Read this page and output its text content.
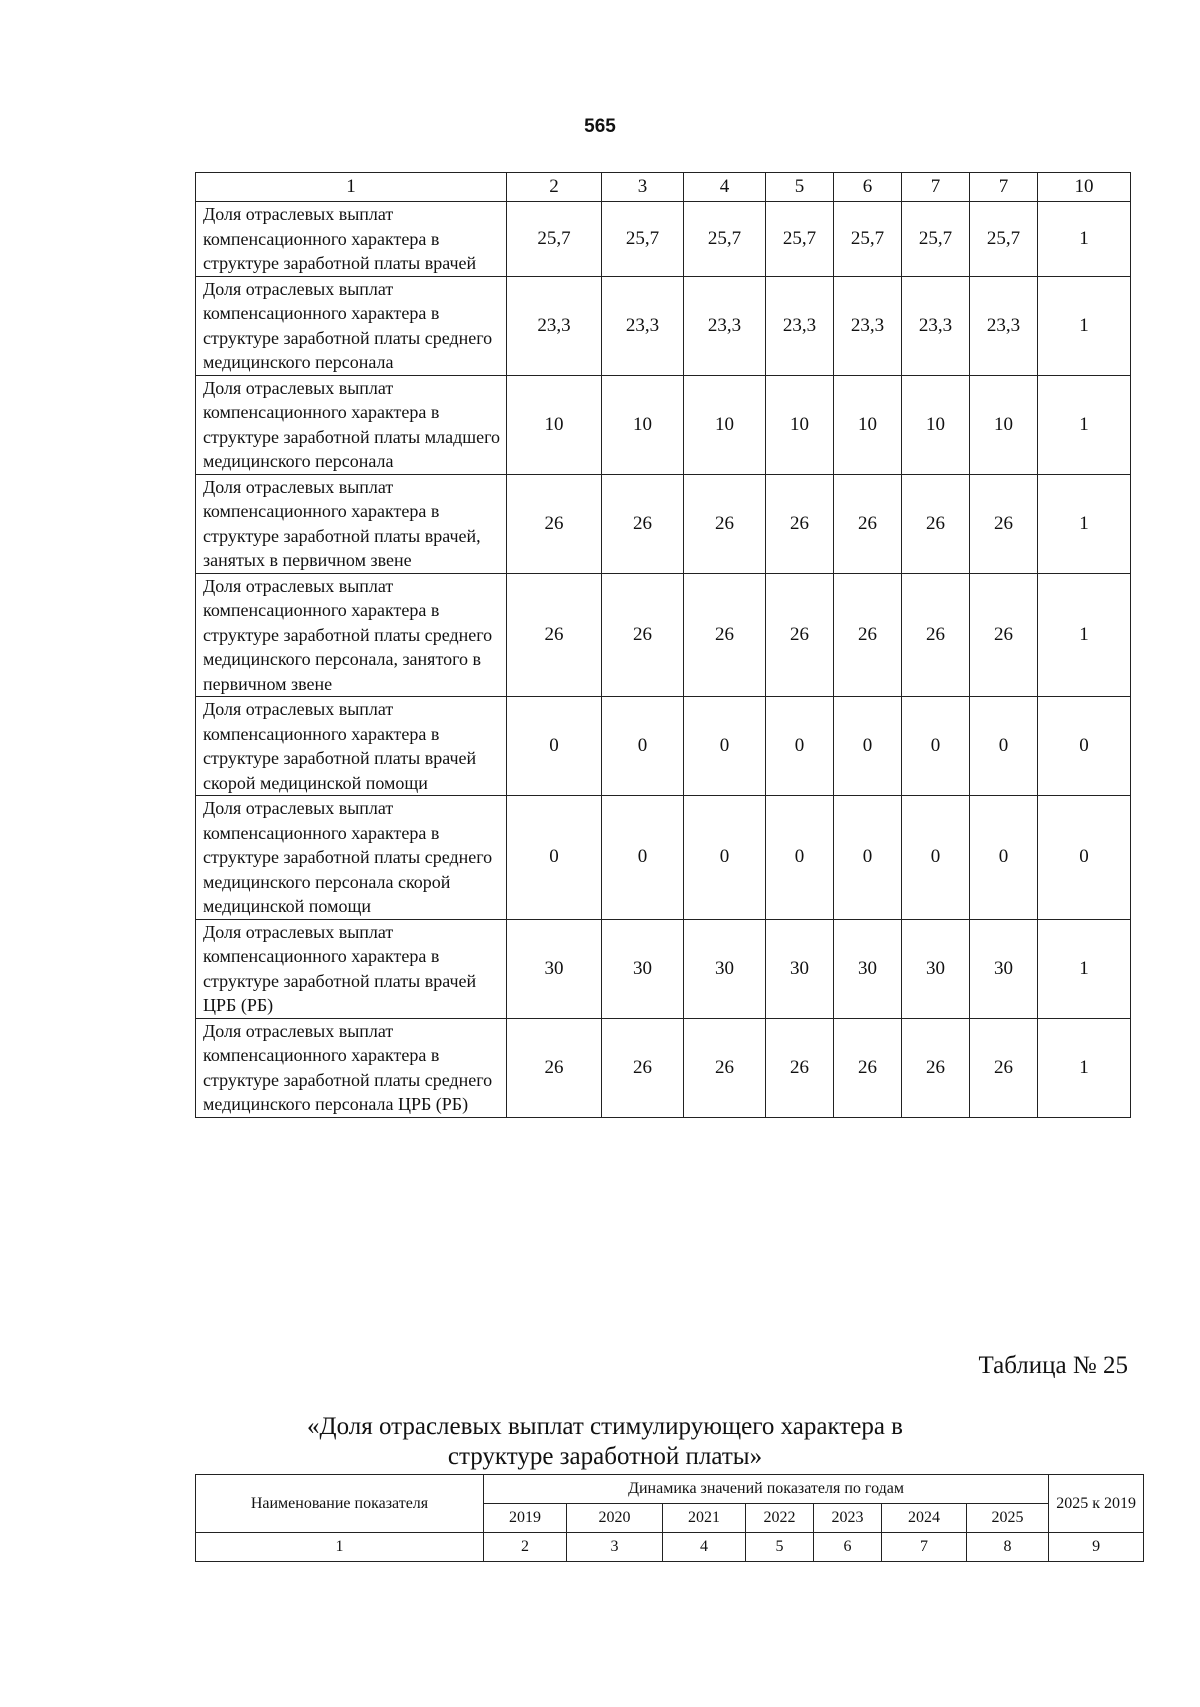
565
1	2	3	4	5	6	7	7	10
Доля отраслевых выплат компенсационного характера в структуре заработной платы врачей	25,7	25,7	25,7	25,7	25,7	25,7	25,7	1
Доля отраслевых выплат компенсационного характера в структуре заработной платы среднего медицинского персонала	23,3	23,3	23,3	23,3	23,3	23,3	23,3	1
Доля отраслевых выплат компенсационного характера в структуре заработной платы младшего медицинского персонала	10	10	10	10	10	10	10	1
Доля отраслевых выплат компенсационного характера в структуре заработной платы врачей, занятых в первичном звене	26	26	26	26	26	26	26	1
Доля отраслевых выплат компенсационного характера в структуре заработной платы среднего медицинского персонала, занятого в первичном звене	26	26	26	26	26	26	26	1
Доля отраслевых выплат компенсационного характера в структуре заработной платы врачей скорой медицинской помощи	0	0	0	0	0	0	0	0
Доля отраслевых выплат компенсационного характера в структуре заработной платы среднего медицинского персонала скорой медицинской помощи	0	0	0	0	0	0	0	0
Доля отраслевых выплат компенсационного характера в структуре заработной платы врачей ЦРБ (РБ)	30	30	30	30	30	30	30	1
Доля отраслевых выплат компенсационного характера в структуре заработной платы среднего медицинского персонала ЦРБ (РБ)	26	26	26	26	26	26	26	1
Таблица № 25
«Доля отраслевых выплат стимулирующего характера в структуре заработной платы»
Наименование показателя	Динамика значений показателя по годам							2025 к 2019
	2019	2020	2021	2022	2023	2024	2025	
1	2	3	4	5	6	7	8	9
